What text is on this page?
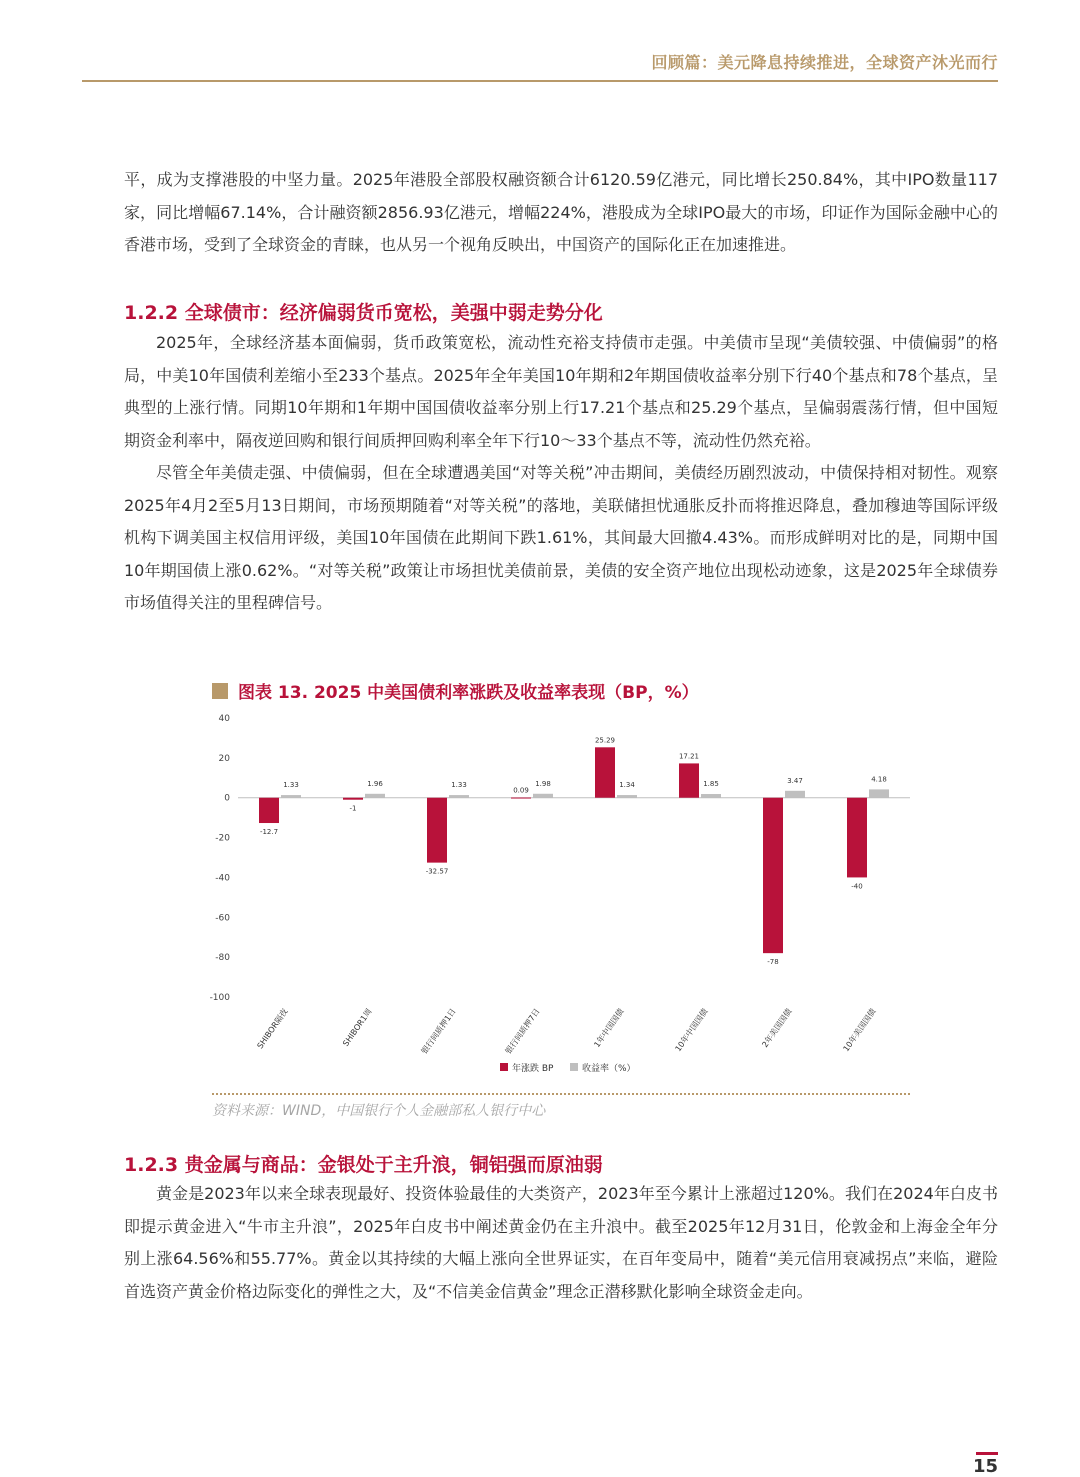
回顾篇：美元降息持续推进，全球资产沐光而行

平，成为支撑港股的中坚力量。2025年港股全部股权融资额合计6120.59亿港元，同比增长250.84%，其中IPO数量117家，同比增幅67.14%，合计融资额2856.93亿港元，增幅224%，港股成为全球IPO最大的市场，印证作为国际金融中心的香港市场，受到了全球资金的青睐，也从另一个视角反映出，中国资产的国际化正在加速推进。

1.2.2 全球债市：经济偏弱货币宽松，美强中弱走势分化

2025年，全球经济基本面偏弱，货币政策宽松，流动性充裕支持债市走强。中美债市呈现“美债较强、中债偏弱”的格局，中美10年国债利差缩小至233个基点。2025年全年美国10年期和2年期国债收益率分别下行40个基点和78个基点，呈典型的上涨行情。同期10年期和1年期中国国债收益率分别上行17.21个基点和25.29个基点，呈偏弱震荡行情，但中国短期资金利率中，隔夜逆回购和银行间质押回购利率全年下行10～33个基点不等，流动性仍然充裕。

尽管全年美债走强、中债偏弱，但在全球遭遇美国“对等关税”冲击期间，美债经历剧烈波动，中债保持相对韧性。观察2025年4月2至5月13日期间，市场预期随着“对等关税”的落地，美联储担忧通胀反扑而将推迟降息，叠加穆迪等国际评级机构下调美国主权信用评级，美国10年国债在此期间下跌1.61%，其间最大回撤4.43%。而形成鲜明对比的是，同期中国10年期国债上涨0.62%。“对等关税”政策让市场担忧美债前景，美债的安全资产地位出现松动迹象，这是2025年全球债券市场值得关注的里程碑信号。

图表 13. 2025 中美国债利率涨跌及收益率表现（BP，%）
40
20
0
-20
-40
-60
-80
-100
-12.7
1.33
SHIBOR隔夜
-1
1.96
SHIBOR1周
-32.57
1.33
银行间质押1日
0.09
1.98
银行间质押7日
25.29
1.34
1年中国国债
17.21
1.85
10年中国国债
-78
3.47
2年美国国债
-40
4.18
10年美国国债
年涨跌 BP	收益率（%）
资料来源：WIND，中国银行个人金融部私人银行中心
1.2.3 贵金属与商品：金银处于主升浪，铜铝强而原油弱

黄金是2023年以来全球表现最好、投资体验最佳的大类资产，2023年至今累计上涨超过120%。我们在2024年白皮书即提示黄金进入“牛市主升浪”，2025年白皮书中阐述黄金仍在主升浪中。截至2025年12月31日，伦敦金和上海金全年分别上涨64.56%和55.77%。黄金以其持续的大幅上涨向全世界证实，在百年变局中，随着“美元信用衰减拐点”来临，避险首选资产黄金价格边际变化的弹性之大，及“不信美金信黄金”理念正潜移默化影响全球资金走向。

15
